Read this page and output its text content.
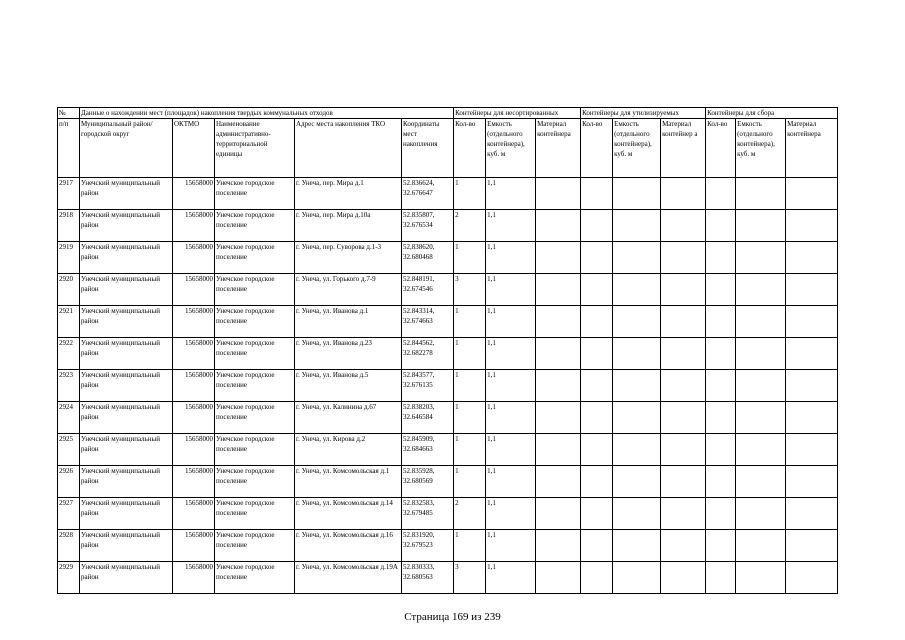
№	Данные о нахождении мест (площадок) накопления твердых коммунальных отходов					Контейнеры для несортированных			Контейнеры для утилизируемых			Контейнеры для сбора		
п/п	Муниципальный район/городской округ	ОКТМО	Наименование административно-территориальной единицы	Адрес места накопления ТКО	Координаты мест накопления	Кол-во	Емкость (отдельного контейнера), куб. м	Материал контейнера	Кол-во	Емкость (отдельного контейнера), куб. м	Материал контейнер а	Кол-во	Емкость (отдельного контейнера), куб. м	Материал контейнера
2917	Унечский муниципальный район	15658000	Унечское городское поселение	г. Унеча, пер. Мира д.1	52.836624, 32.676647	1	1,1							
2918	Унечский муниципальный район	15658000	Унечское городское поселение	г. Унеча, пер. Мира д.10а	52.835807, 32.676534	2	1,1							
2919	Унечский муниципальный район	15658000	Унечское городское поселение	г. Унеча, пер. Суворова д.1-3	52,838620, 32.680468	1	1,1							
2920	Унечский муниципальный район	15658000	Унечское городское поселение	г. Унеча, ул. Горького д.7-9	52.848191, 32.674546	3	1,1							
2921	Унечский муниципальный район	15658000	Унечское городское поселение	г. Унеча, ул. Иванова д.1	52.843314, 32.674663	1	1,1							
2922	Унечский муниципальный район	15658000	Унечское городское поселение	г. Унеча, ул. Иванова д.23	52.844562, 32.682278	1	1,1							
2923	Унечский муниципальный район	15658000	Унечское городское поселение	г. Унеча, ул. Иванова д.5	52.843577, 32.676135	1	1,1							
2924	Унечский муниципальный район	15658000	Унечское городское поселение	г. Унеча, ул. Калинина д.67	52.838203, 32.646584	1	1,1							
2925	Унечский муниципальный район	15658000	Унечское городское поселение	г. Унеча, ул. Кирова д.2	52.845909, 32.684663	1	1,1							
2926	Унечский муниципальный район	15658000	Унечское городское поселение	г. Унеча, ул. Комсомольская д.1	52.835928, 32.680569	1	1,1							
2927	Унечский муниципальный район	15658000	Унечское городское поселение	г. Унеча, ул. Комсомольская д.14	52.832583, 32.679485	2	1,1							
2928	Унечский муниципальный район	15658000	Унечское городское поселение	г. Унеча, ул. Комсомольская д.16	52.831920, 32.679523	1	1,1							
2929	Унечский муниципальный район	15658000	Унечское городское поселение	г. Унеча, ул. Комсомольская д.19А	52.830333, 32.680563	3	1,1							
Страница 169 из 239
